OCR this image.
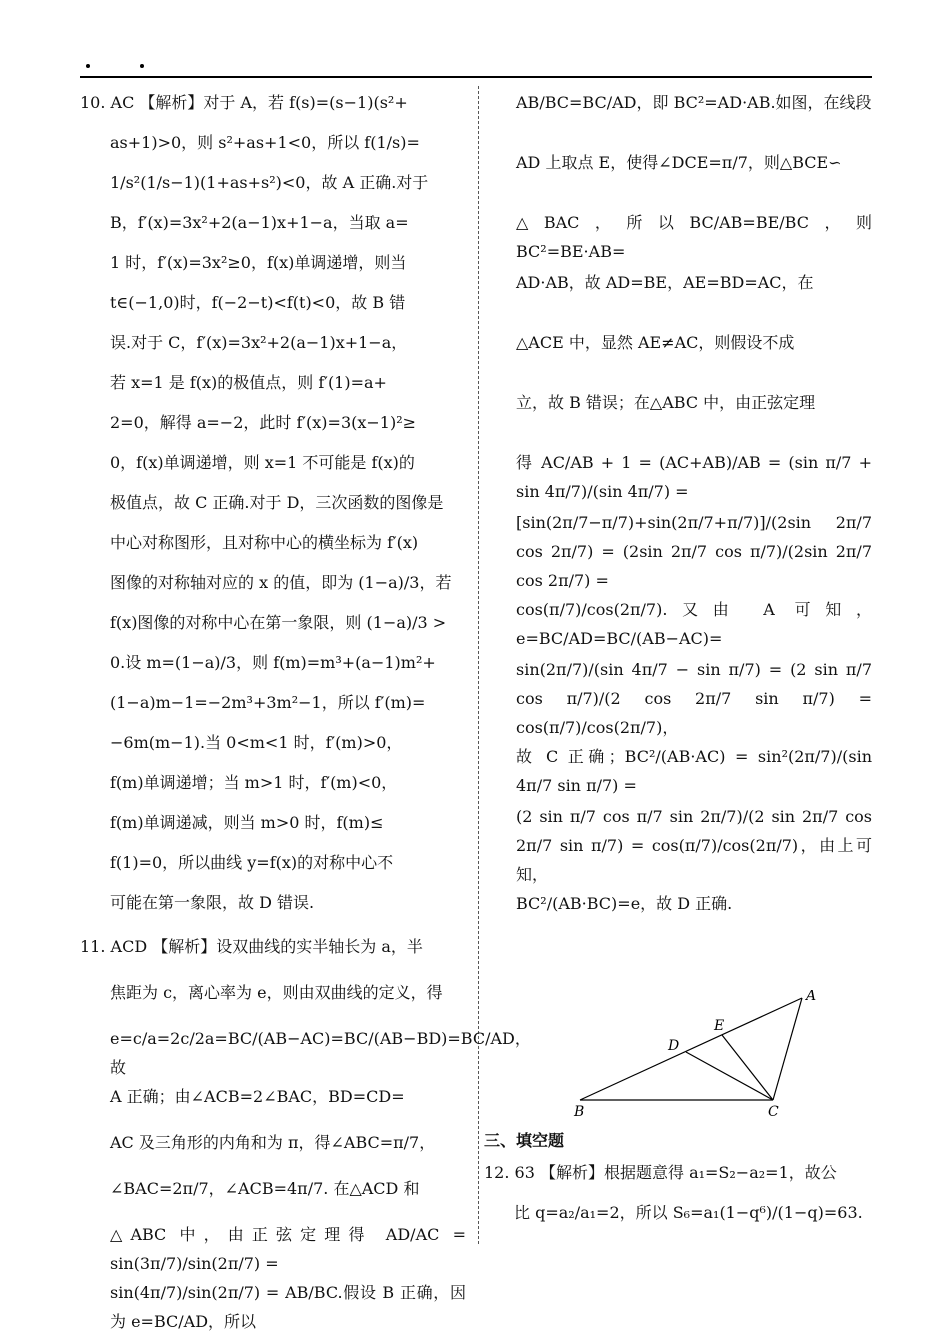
10. AC 【解析】对于 A，若 f(s)=(s−1)(s²+
as+1)>0，则 s²+as+1<0，所以 f(1/s)=
1/s²(1/s−1)(1+as+s²)<0，故 A 正确.对于
B，f′(x)=3x²+2(a−1)x+1−a，当取 a=
1 时，f′(x)=3x²≥0，f(x)单调递增，则当
t∈(−1,0)时，f(−2−t)<f(t)<0，故 B 错
误.对于 C，f′(x)=3x²+2(a−1)x+1−a，
若 x=1 是 f(x)的极值点，则 f′(1)=a+
2=0，解得 a=−2，此时 f′(x)=3(x−1)²≥
0，f(x)单调递增，则 x=1 不可能是 f(x)的
极值点，故 C 正确.对于 D，三次函数的图像是
中心对称图形，且对称中心的横坐标为 f′(x)
图像的对称轴对应的 x 的值，即为 (1−a)/3，若
f(x)图像的对称中心在第一象限，则 (1−a)/3 >
0.设 m=(1−a)/3，则 f(m)=m³+(a−1)m²+
(1−a)m−1=−2m³+3m²−1，所以 f′(m)=
−6m(m−1).当 0<m<1 时，f′(m)>0，
f(m)单调递增；当 m>1 时，f′(m)<0，
f(m)单调递减，则当 m>0 时，f(m)≤
f(1)=0，所以曲线 y=f(x)的对称中心不
可能在第一象限，故 D 错误.
11. ACD 【解析】设双曲线的实半轴长为 a，半
焦距为 c，离心率为 e，则由双曲线的定义，得
e=c/a=2c/2a=BC/(AB−AC)=BC/(AB−BD)=BC/AD，故
A 正确；由∠ACB=2∠BAC，BD=CD=
AC 及三角形的内角和为 π，得∠ABC=π/7，
∠BAC=2π/7，∠ACB=4π/7. 在△ACD 和
△ABC 中，由正弦定理得 AD/AC = sin(3π/7)/sin(2π/7) =
sin(4π/7)/sin(2π/7) = AB/BC.假设 B 正确，因为 e=BC/AD，所以
AB/BC=BC/AD，即 BC²=AD·AB.如图，在线段
AD 上取点 E，使得∠DCE=π/7，则△BCE∽
△BAC，所以BC/AB=BE/BC，则 BC²=BE·AB=
AD·AB，故 AD=BE，AE=BD=AC，在
△ACE 中，显然 AE≠AC，则假设不成
立，故 B 错误；在△ABC 中，由正弦定理
得 AC/AB + 1 = (AC+AB)/AB = (sin π/7 + sin 4π/7)/(sin 4π/7) =
[sin(2π/7−π/7)+sin(2π/7+π/7)]/(2sin 2π/7 cos 2π/7) = (2sin 2π/7 cos π/7)/(2sin 2π/7 cos 2π/7) =
cos(π/7)/cos(2π/7).又由 A 可知，e=BC/AD=BC/(AB−AC)=
sin(2π/7)/(sin 4π/7 − sin π/7) = (2 sin π/7 cos π/7)/(2 cos 2π/7 sin π/7) = cos(π/7)/cos(2π/7)，
故 C 正确；BC²/(AB·AC) = sin²(2π/7)/(sin 4π/7 sin π/7) =
(2 sin π/7 cos π/7 sin 2π/7)/(2 sin 2π/7 cos 2π/7 sin π/7) = cos(π/7)/cos(2π/7)，由上可知，
BC²/(AB·BC)=e，故 D 正确.
A
B	C
D
E
三、填空题
12. 63 【解析】根据题意得 a₁=S₂−a₂=1，故公
比 q=a₂/a₁=2，所以 S₆=a₁(1−q⁶)/(1−q)=63.
